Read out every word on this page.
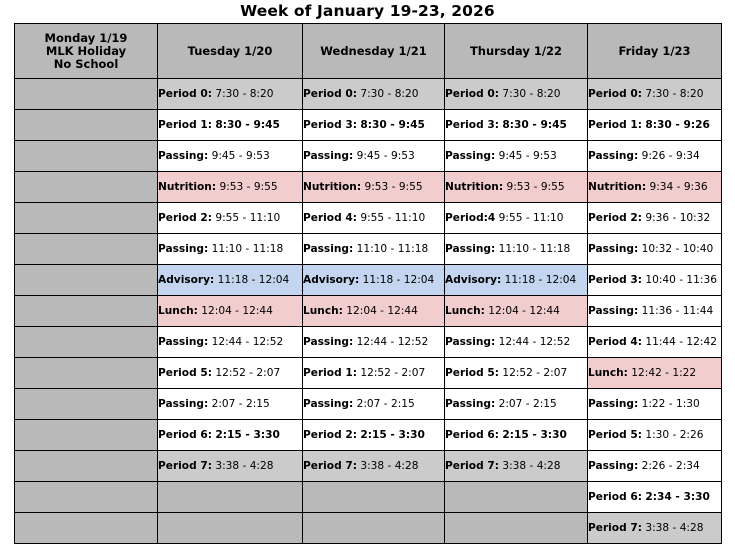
Week of January 19-23, 2026
Monday 1/19
MLK Holiday
No School	Tuesday 1/20	Wednesday 1/21	Thursday 1/22	Friday 1/23

	Period 0: 7:30 - 8:20	Period 0: 7:30 - 8:20	Period 0: 7:30 - 8:20	Period 0: 7:30 - 8:20
	Period 1: 8:30 - 9:45	Period 3: 8:30 - 9:45	Period 3: 8:30 - 9:45	Period 1: 8:30 - 9:26
	Passing: 9:45 - 9:53	Passing: 9:45 - 9:53	Passing: 9:45 - 9:53	Passing: 9:26 - 9:34
	Nutrition: 9:53 - 9:55	Nutrition: 9:53 - 9:55	Nutrition: 9:53 - 9:55	Nutrition: 9:34 - 9:36
	Period 2: 9:55 - 11:10	Period 4: 9:55 - 11:10	Period:4 9:55 - 11:10	Period 2: 9:36 - 10:32
	Passing: 11:10 - 11:18	Passing: 11:10 - 11:18	Passing: 11:10 - 11:18	Passing: 10:32 - 10:40
	Advisory: 11:18 - 12:04	Advisory: 11:18 - 12:04	Advisory: 11:18 - 12:04	Period 3: 10:40 - 11:36
	Lunch: 12:04 - 12:44	Lunch: 12:04 - 12:44	Lunch: 12:04 - 12:44	Passing: 11:36 - 11:44
	Passing: 12:44 - 12:52	Passing: 12:44 - 12:52	Passing: 12:44 - 12:52	Period 4: 11:44 - 12:42
	Period 5: 12:52 - 2:07	Period 1: 12:52 - 2:07	Period 5: 12:52 - 2:07	Lunch: 12:42 - 1:22
	Passing: 2:07 - 2:15	Passing: 2:07 - 2:15	Passing: 2:07 - 2:15	Passing: 1:22 - 1:30
	Period 6: 2:15 - 3:30	Period 2: 2:15 - 3:30	Period 6: 2:15 - 3:30	Period 5: 1:30 - 2:26
	Period 7: 3:38 - 4:28	Period 7: 3:38 - 4:28	Period 7: 3:38 - 4:28	Passing: 2:26 - 2:34
				Period 6: 2:34 - 3:30
				Period 7: 3:38 - 4:28
